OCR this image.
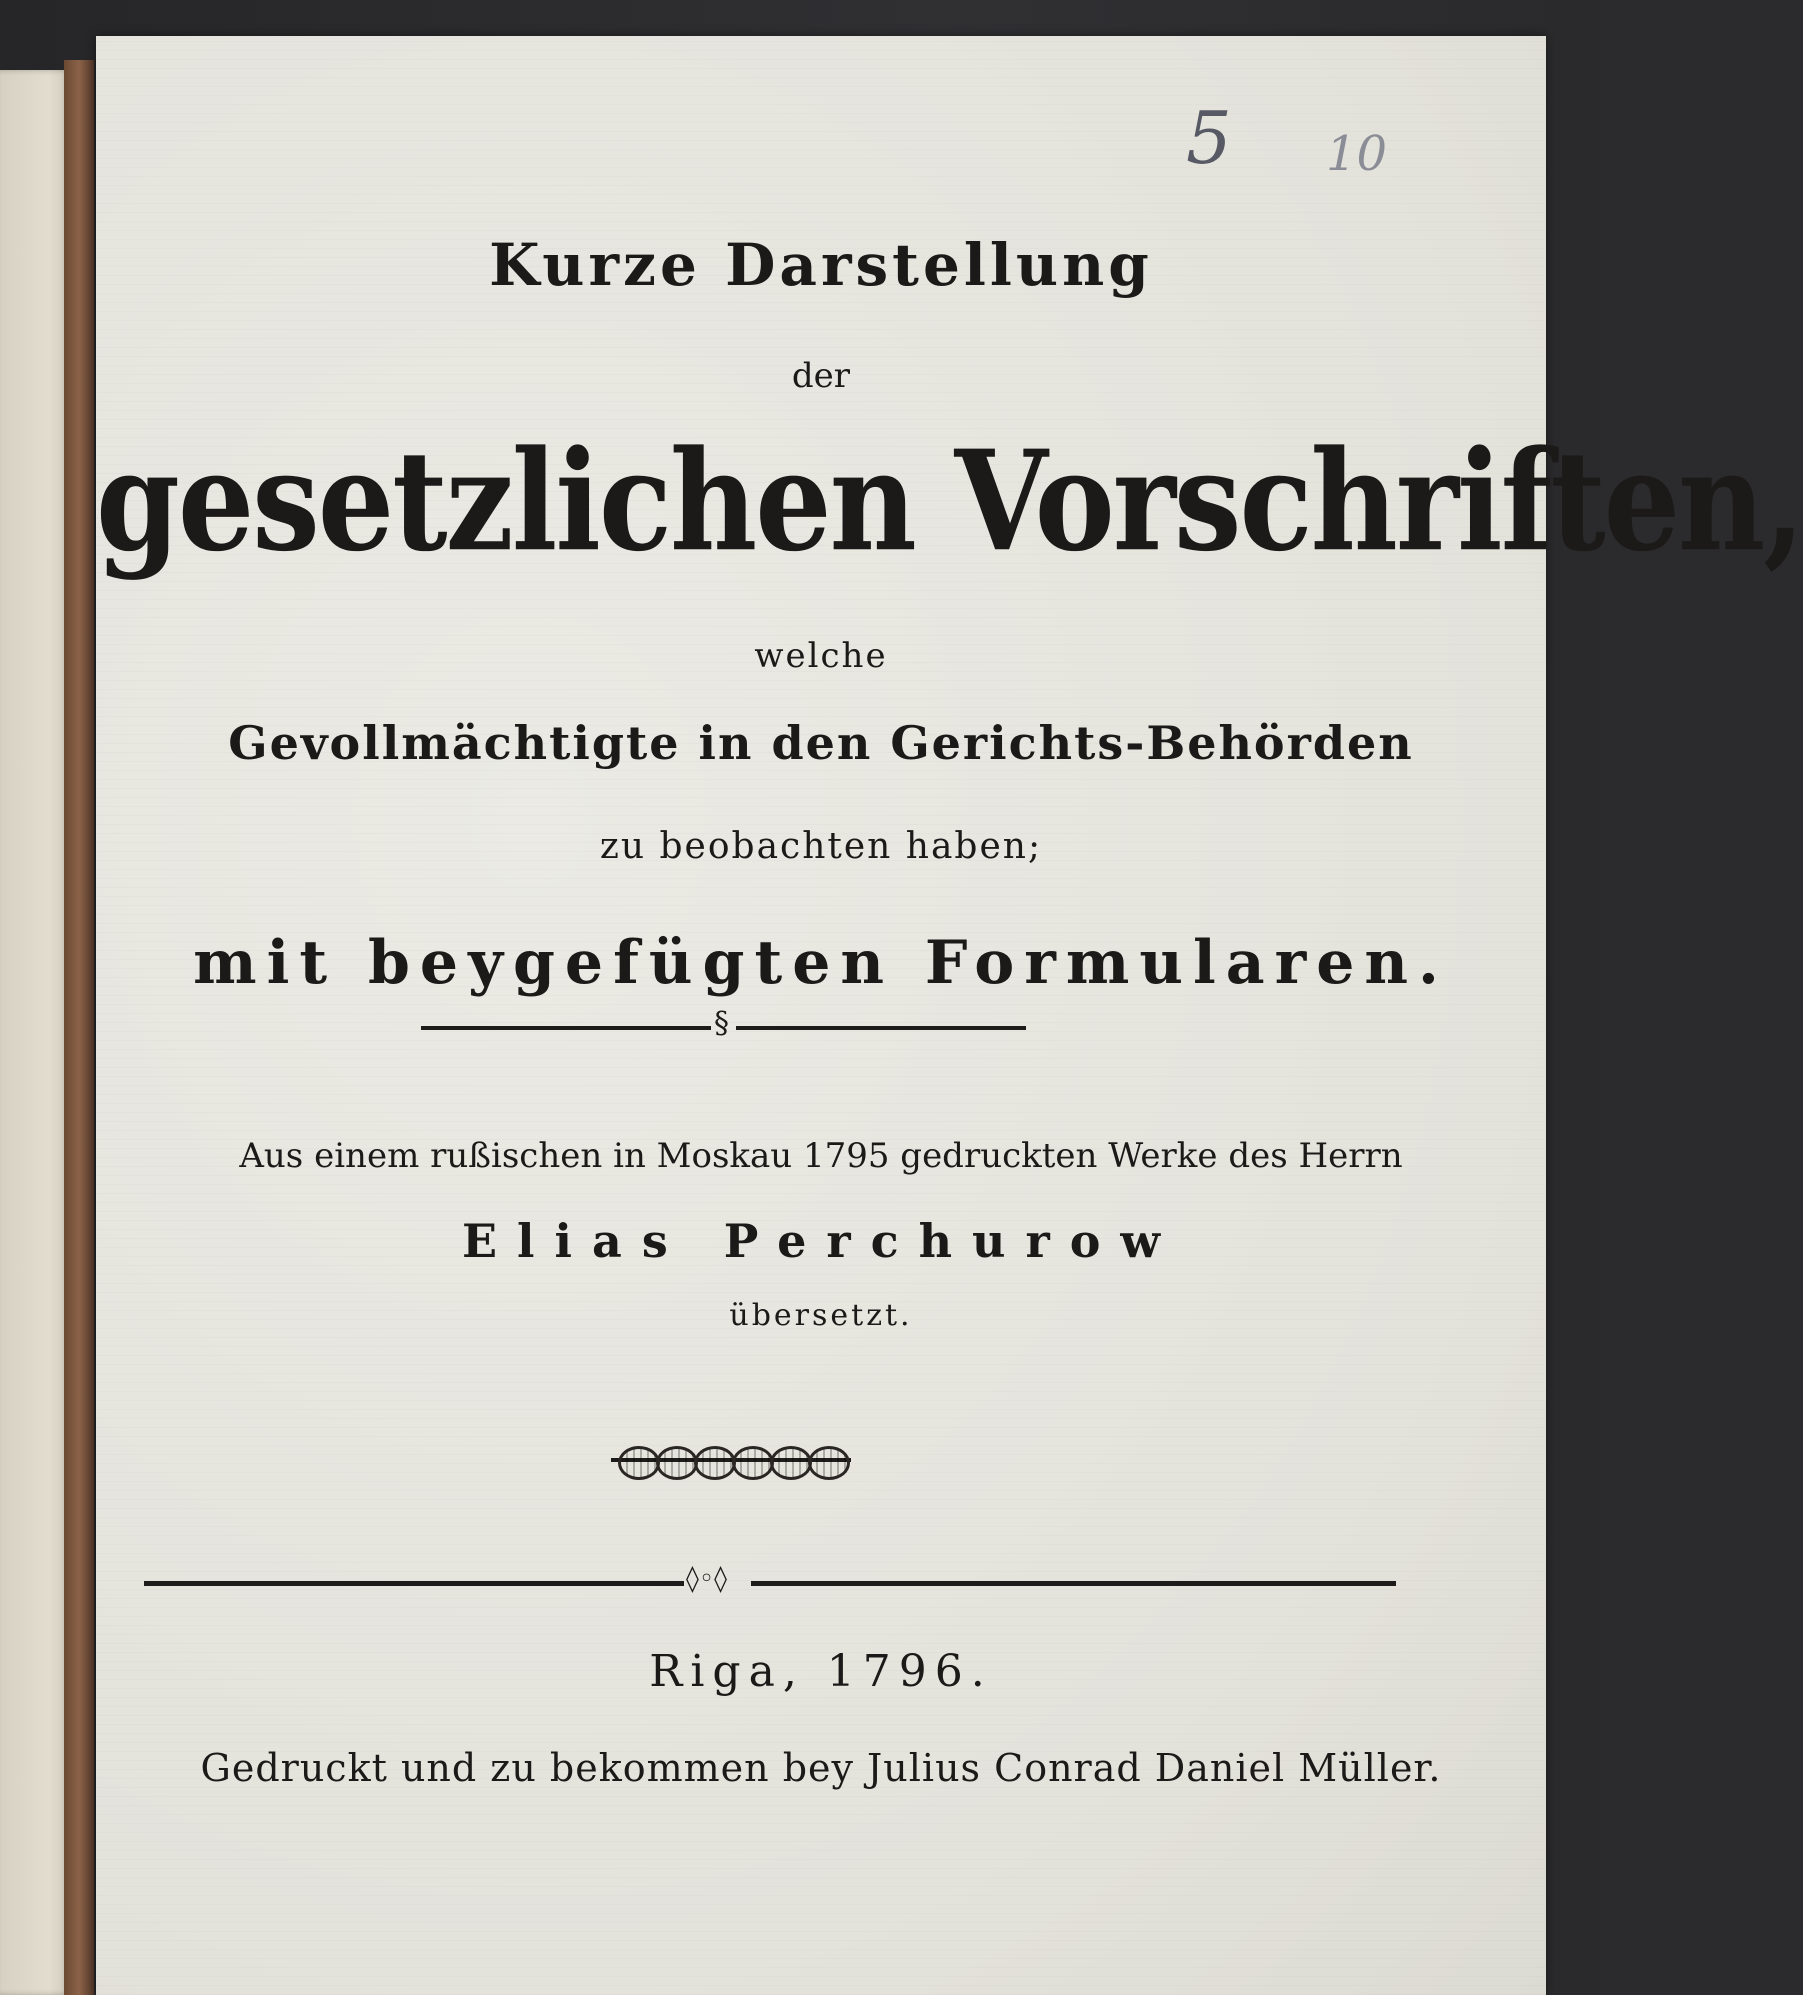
5 10
Kurze Darstellung
der
gesetzlichen Vorschriften,
welche
Gevollmächtigte in den Gerichts-Behörden
zu beobachten haben;
mit beygefügten Formularen.
§
Aus einem rußischen in Moskau 1795 gedruckten Werke des Herrn
Elias Perchurow
übersetzt.
◊◦◊
Riga, 1796.
Gedruckt und zu bekommen bey Julius Conrad Daniel Müller.
